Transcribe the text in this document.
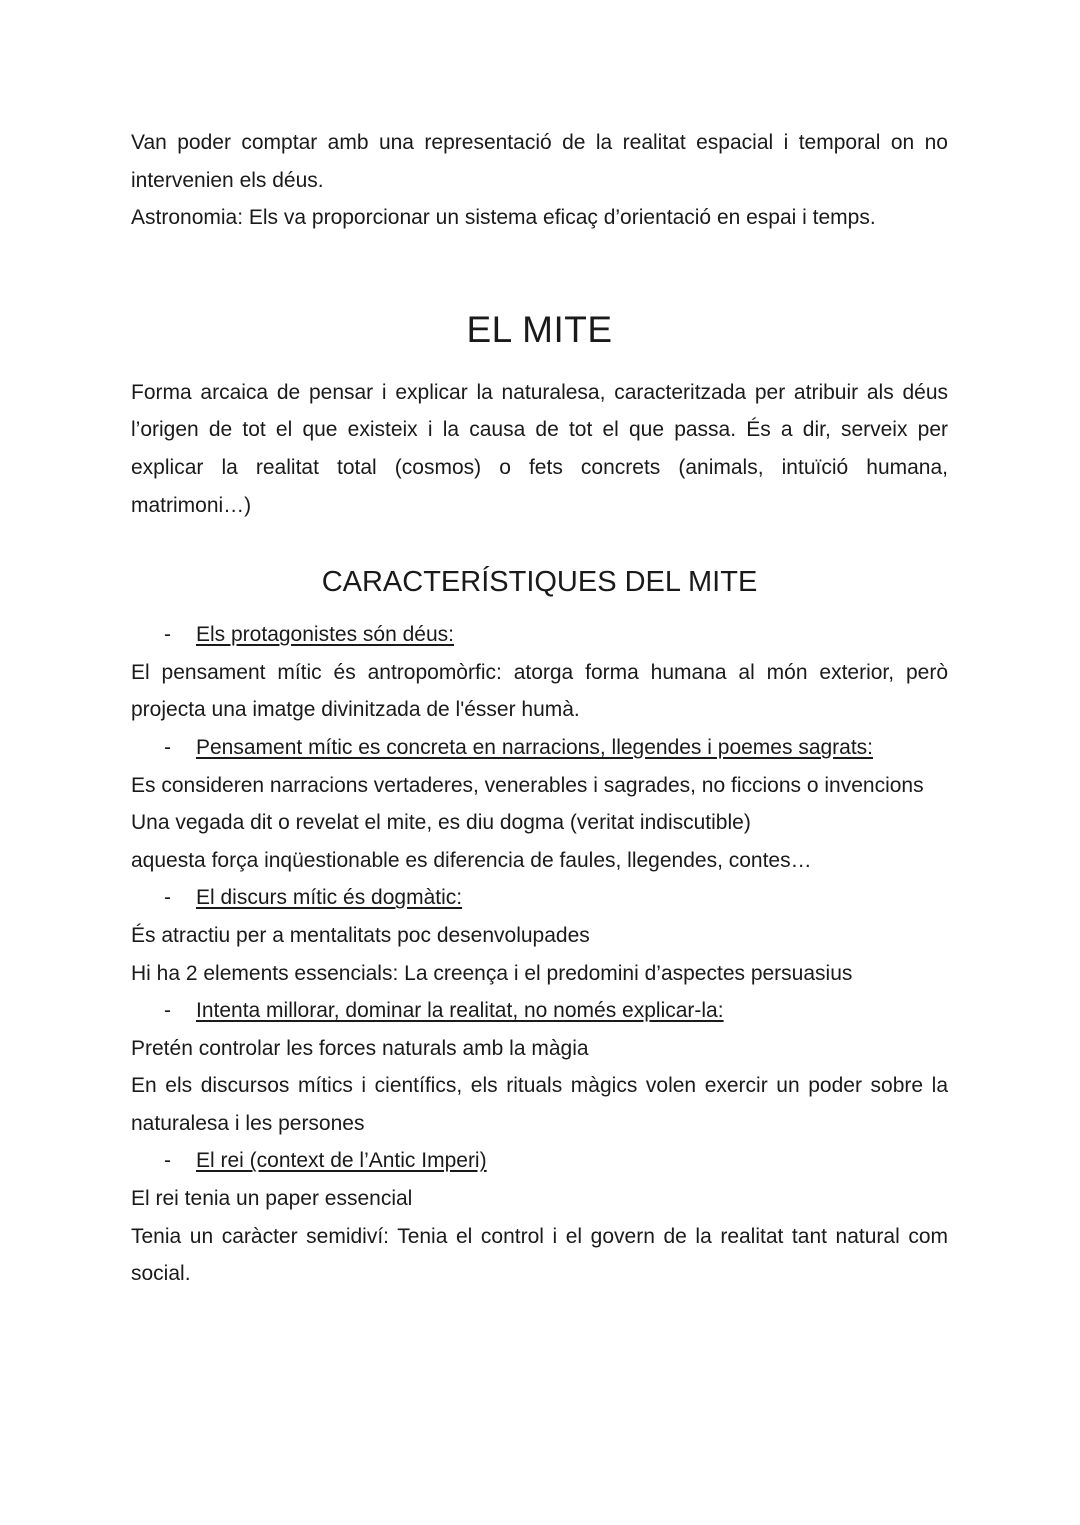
Van poder comptar amb una representació de la realitat espacial i temporal on no intervenien els déus.

Astronomia: Els va proporcionar un sistema eficaç d’orientació en espai i temps.

EL MITE

Forma arcaica de pensar i explicar la naturalesa, caracteritzada per atribuir als déus l’origen de tot el que existeix i la causa de tot el que passa. És a dir, serveix per explicar la realitat total (cosmos) o fets concrets (animals, intuïció humana, matrimoni…)

CARACTERÍSTIQUES DEL MITE

- Els protagonistes són déus:

El pensament mític és antropomòrfic: atorga forma humana al món exterior, però projecta una imatge divinitzada de l'ésser humà.

- Pensament mític es concreta en narracions, llegendes i poemes sagrats:

Es consideren narracions vertaderes, venerables i sagrades, no ficcions o invencions

Una vegada dit o revelat el mite, es diu dogma (veritat indiscutible)

aquesta força inqüestionable es diferencia de faules, llegendes, contes…

- El discurs mític és dogmàtic:

És atractiu per a mentalitats poc desenvolupades

Hi ha 2 elements essencials: La creença i el predomini d’aspectes persuasius

- Intenta millorar, dominar la realitat, no només explicar-la:

Pretén controlar les forces naturals amb la màgia

En els discursos mítics i científics, els rituals màgics volen exercir un poder sobre la naturalesa i les persones

- El rei (context de l’Antic Imperi)

El rei tenia un paper essencial

Tenia un caràcter semidiví: Tenia el control i el govern de la realitat tant natural com social.
